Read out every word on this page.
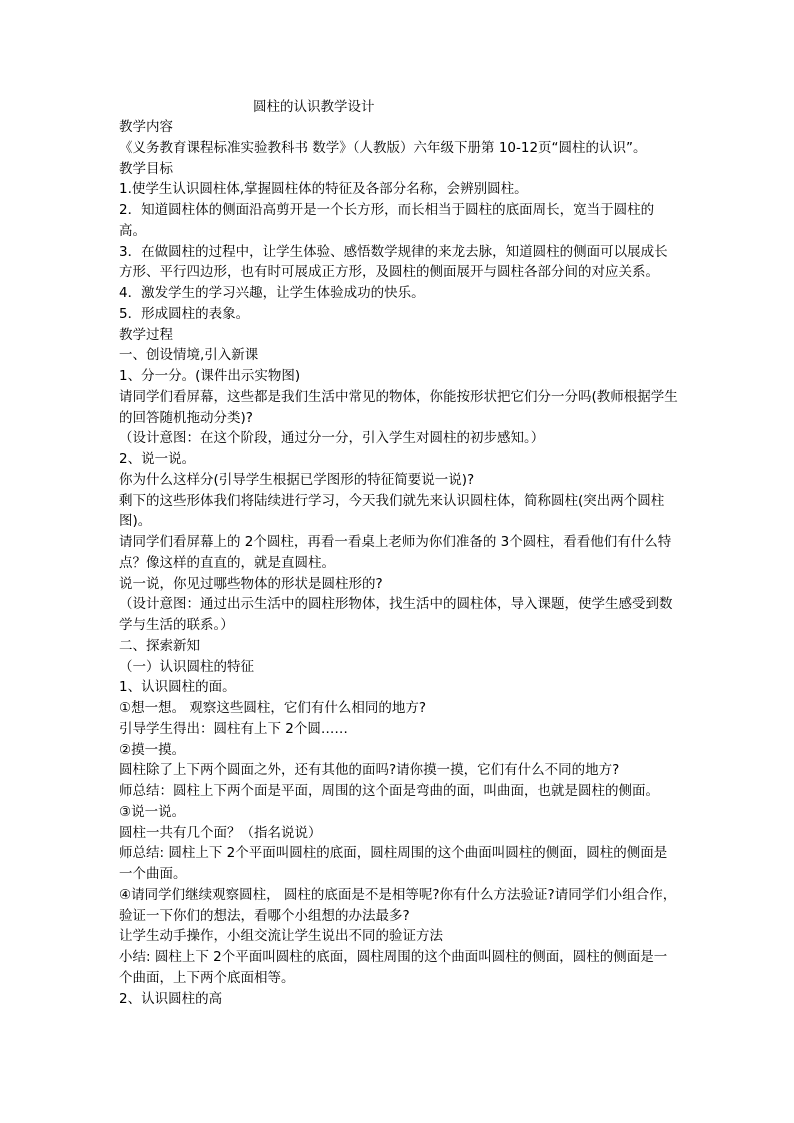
圆柱的认识教学设计
教学内容
《义务教育课程标准实验教科书 数学》（人教版）六年级下册第 10-12页“圆柱的认识”。
教学目标
1.使学生认识圆柱体,掌握圆柱体的特征及各部分名称，会辨别圆柱。
2．知道圆柱体的侧面沿高剪开是一个长方形，而长相当于圆柱的底面周长，宽当于圆柱的高。
3．在做圆柱的过程中，让学生体验、感悟数学规律的来龙去脉，知道圆柱的侧面可以展成长方形、平行四边形，也有时可展成正方形，及圆柱的侧面展开与圆柱各部分间的对应关系。
4．激发学生的学习兴趣，让学生体验成功的快乐。
5．形成圆柱的表象。
教学过程
一、创设情境,引入新课
1、分一分。(课件出示实物图)
请同学们看屏幕，这些都是我们生活中常见的物体，你能按形状把它们分一分吗(教师根据学生的回答随机拖动分类)?
（设计意图：在这个阶段，通过分一分，引入学生对圆柱的初步感知。）
2、说一说。
你为什么这样分(引导学生根据已学图形的特征简要说一说)?
剩下的这些形体我们将陆续进行学习，今天我们就先来认识圆柱体，简称圆柱(突出两个圆柱图)。
请同学们看屏幕上的 2个圆柱，再看一看桌上老师为你们准备的 3个圆柱，看看他们有什么特点？像这样的直直的，就是直圆柱。
说一说，你见过哪些物体的形状是圆柱形的?
（设计意图：通过出示生活中的圆柱形物体，找生活中的圆柱体，导入课题，使学生感受到数学与生活的联系。）
二、探索新知
（一）认识圆柱的特征
1、认识圆柱的面。
①想一想。 观察这些圆柱，它们有什么相同的地方?
引导学生得出：圆柱有上下 2个圆……
②摸一摸。
圆柱除了上下两个圆面之外，还有其他的面吗?请你摸一摸，它们有什么不同的地方?
师总结：圆柱上下两个面是平面，周围的这个面是弯曲的面，叫曲面，也就是圆柱的侧面。
③说一说。
圆柱一共有几个面？（指名说说）
师总结: 圆柱上下 2个平面叫圆柱的底面，圆柱周围的这个曲面叫圆柱的侧面，圆柱的侧面是一个曲面。
④请同学们继续观察圆柱， 圆柱的底面是不是相等呢?你有什么方法验证?请同学们小组合作，验证一下你们的想法，看哪个小组想的办法最多?
让学生动手操作，小组交流让学生说出不同的验证方法
小结: 圆柱上下 2个平面叫圆柱的底面，圆柱周围的这个曲面叫圆柱的侧面，圆柱的侧面是一个曲面，上下两个底面相等。
2、认识圆柱的高
